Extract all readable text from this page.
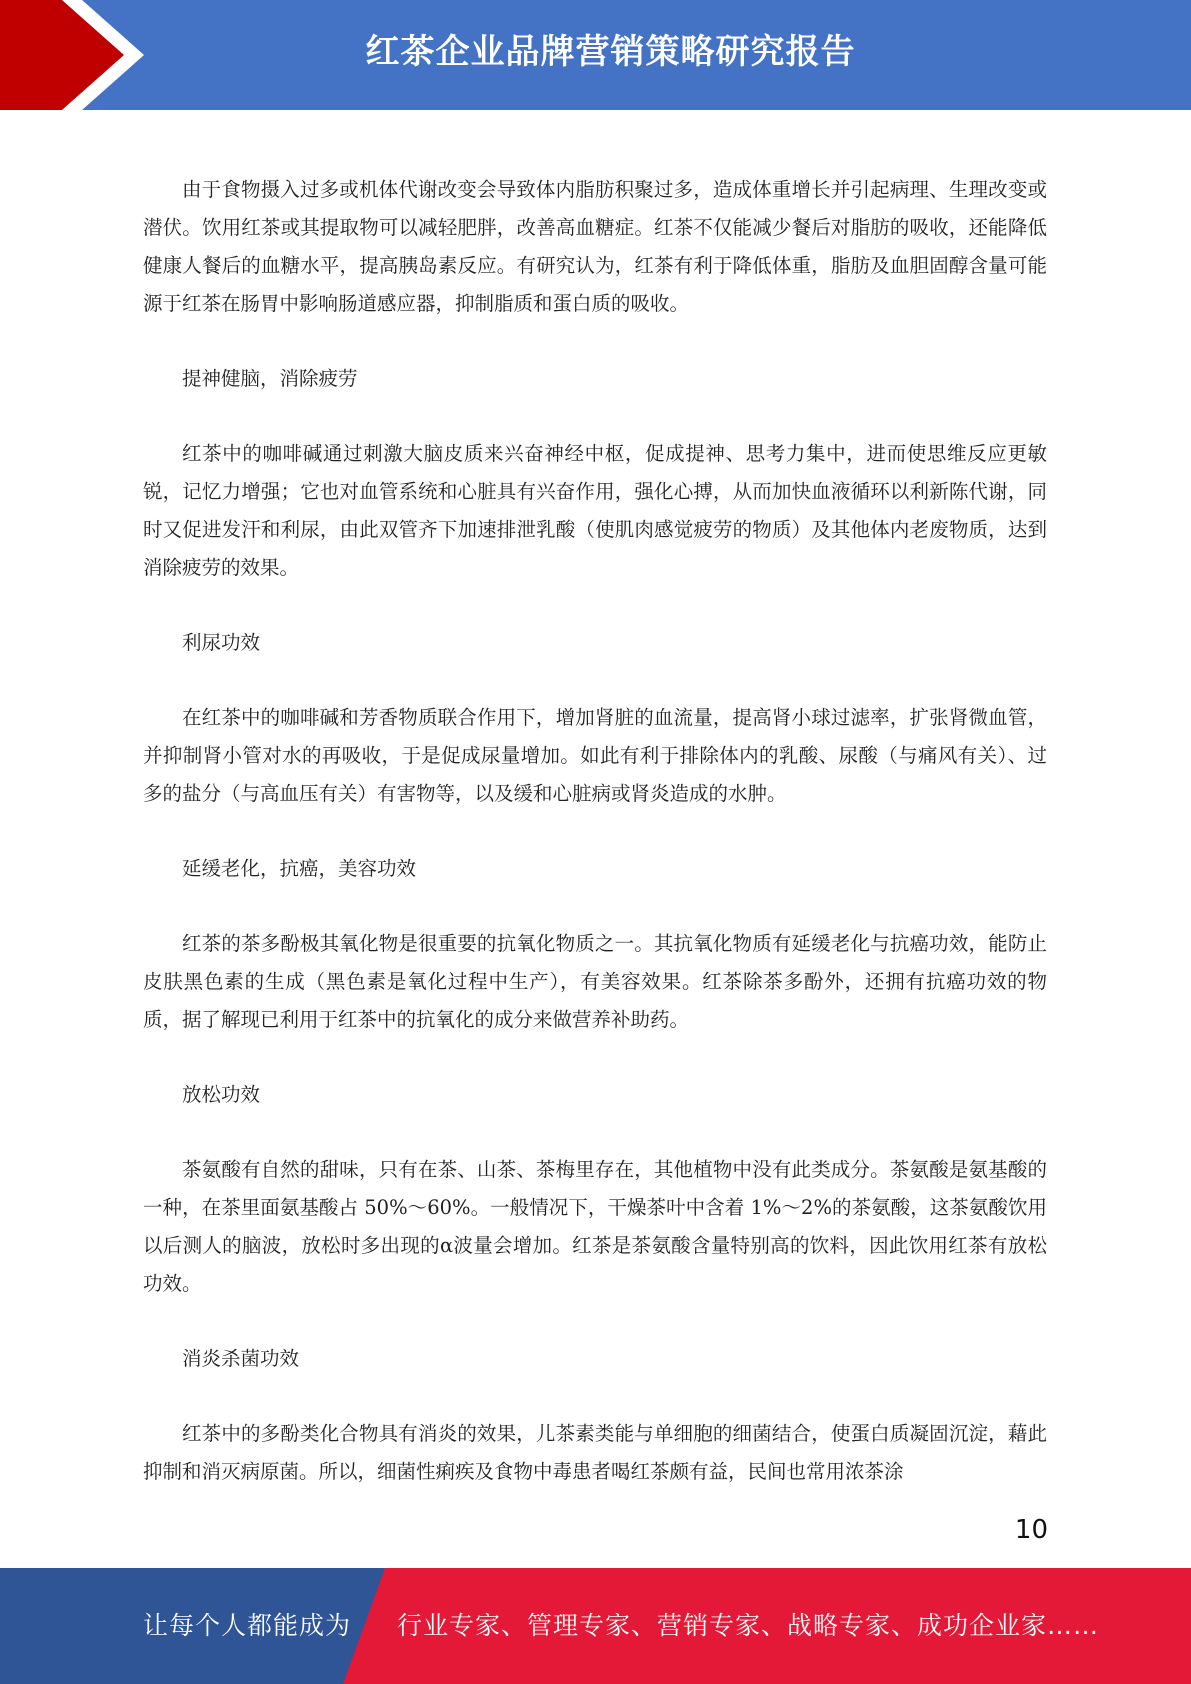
红茶企业品牌营销策略研究报告

由于食物摄入过多或机体代谢改变会导致体内脂肪积聚过多，造成体重增长并引起病理、生理改变或潜伏。饮用红茶或其提取物可以减轻肥胖，改善高血糖症。红茶不仅能减少餐后对脂肪的吸收，还能降低健康人餐后的血糖水平，提高胰岛素反应。有研究认为，红茶有利于降低体重，脂肪及血胆固醇含量可能源于红茶在肠胃中影响肠道感应器，抑制脂质和蛋白质的吸收。

提神健脑，消除疲劳

红茶中的咖啡碱通过刺激大脑皮质来兴奋神经中枢，促成提神、思考力集中，进而使思维反应更敏锐，记忆力增强；它也对血管系统和心脏具有兴奋作用，强化心搏，从而加快血液循环以利新陈代谢，同时又促进发汗和利尿，由此双管齐下加速排泄乳酸（使肌肉感觉疲劳的物质）及其他体内老废物质，达到消除疲劳的效果。

利尿功效

在红茶中的咖啡碱和芳香物质联合作用下，增加肾脏的血流量，提高肾小球过滤率，扩张肾微血管，并抑制肾小管对水的再吸收，于是促成尿量增加。如此有利于排除体内的乳酸、尿酸（与痛风有关）、过多的盐分（与高血压有关）有害物等，以及缓和心脏病或肾炎造成的水肿。

延缓老化，抗癌，美容功效

红茶的茶多酚极其氧化物是很重要的抗氧化物质之一。其抗氧化物质有延缓老化与抗癌功效，能防止皮肤黑色素的生成（黑色素是氧化过程中生产），有美容效果。红茶除茶多酚外，还拥有抗癌功效的物质，据了解现已利用于红茶中的抗氧化的成分来做营养补助药。

放松功效

茶氨酸有自然的甜味，只有在茶、山茶、茶梅里存在，其他植物中没有此类成分。茶氨酸是氨基酸的一种，在茶里面氨基酸占 50%～60%。一般情况下，干燥茶叶中含着 1%～2%的茶氨酸，这茶氨酸饮用以后测人的脑波，放松时多出现的α波量会增加。红茶是茶氨酸含量特别高的饮料，因此饮用红茶有放松功效。

消炎杀菌功效

红茶中的多酚类化合物具有消炎的效果，儿茶素类能与单细胞的细菌结合，使蛋白质凝固沉淀，藉此抑制和消灭病原菌。所以，细菌性痢疾及食物中毒患者喝红茶颇有益，民间也常用浓茶涂

10
让每个人都能成为 行业专家、管理专家、营销专家、战略专家、成功企业家……
